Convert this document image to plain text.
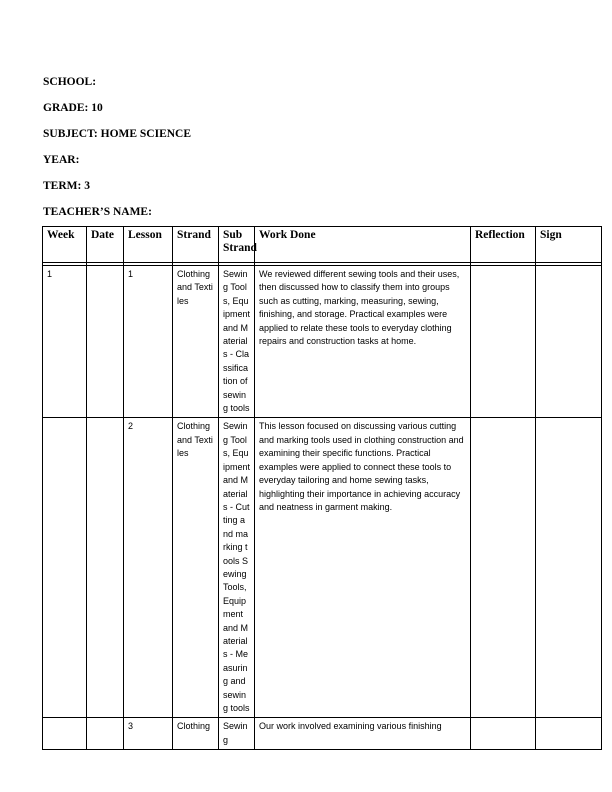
SCHOOL:
GRADE: 10
SUBJECT: HOME SCIENCE
YEAR:
TERM: 3
TEACHER’S NAME:
Week	Date	Lesson	Strand	Sub Strand	Work Done	Reflection	Sign

1		1	Clothing and Textiles	Sewing Tools, Equipment and Materials - Classification of sewing tools	We reviewed different sewing tools and their uses, then discussed how to classify them into groups such as cutting, marking, measuring, sewing, finishing, and storage. Practical examples were applied to relate these tools to everyday clothing repairs and construction tasks at home.		
		2	Clothing and Textiles	Sewing Tools, Equipment and Materials - Cutting and marking tools Sewing Tools, Equipment and Materials - Measuring and sewing tools	This lesson focused on discussing various cutting and marking tools used in clothing construction and examining their specific functions. Practical examples were applied to connect these tools to everyday tailoring and home sewing tasks, highlighting their importance in achieving accuracy and neatness in garment making.		
		3	Clothing	Sewing	Our work involved examining various finishing		
